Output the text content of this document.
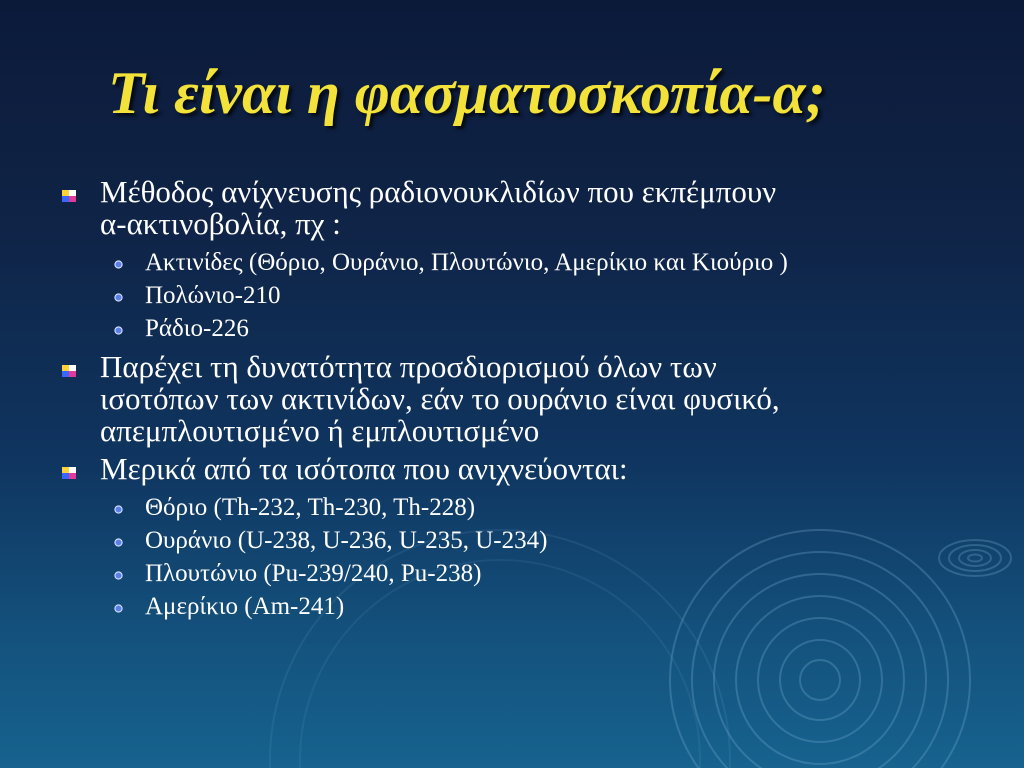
Τι είναι η φασματοσκοπία-α;
Μέθοδος ανίχνευσης ραδιονουκλιδίων που εκπέμπουν
α-ακτινοβολία, πχ :
Ακτινίδες (Θόριο, Ουράνιο, Πλουτώνιο, Αμερίκιο και Κιούριο )
Πολώνιο-210
Ράδιο-226
Παρέχει τη δυνατότητα προσδιορισμού όλων των
ισοτόπων των ακτινίδων, εάν το ουράνιο είναι φυσικό,
απεμπλουτισμένο ή εμπλουτισμένο
Μερικά από τα ισότοπα που ανιχνεύονται:
Θόριο (Th-232, Th-230, Th-228)
Ουράνιο (U-238, U-236, U-235, U-234)
Πλουτώνιο (Pu-239/240, Pu-238)
Αμερίκιο (Am-241)
